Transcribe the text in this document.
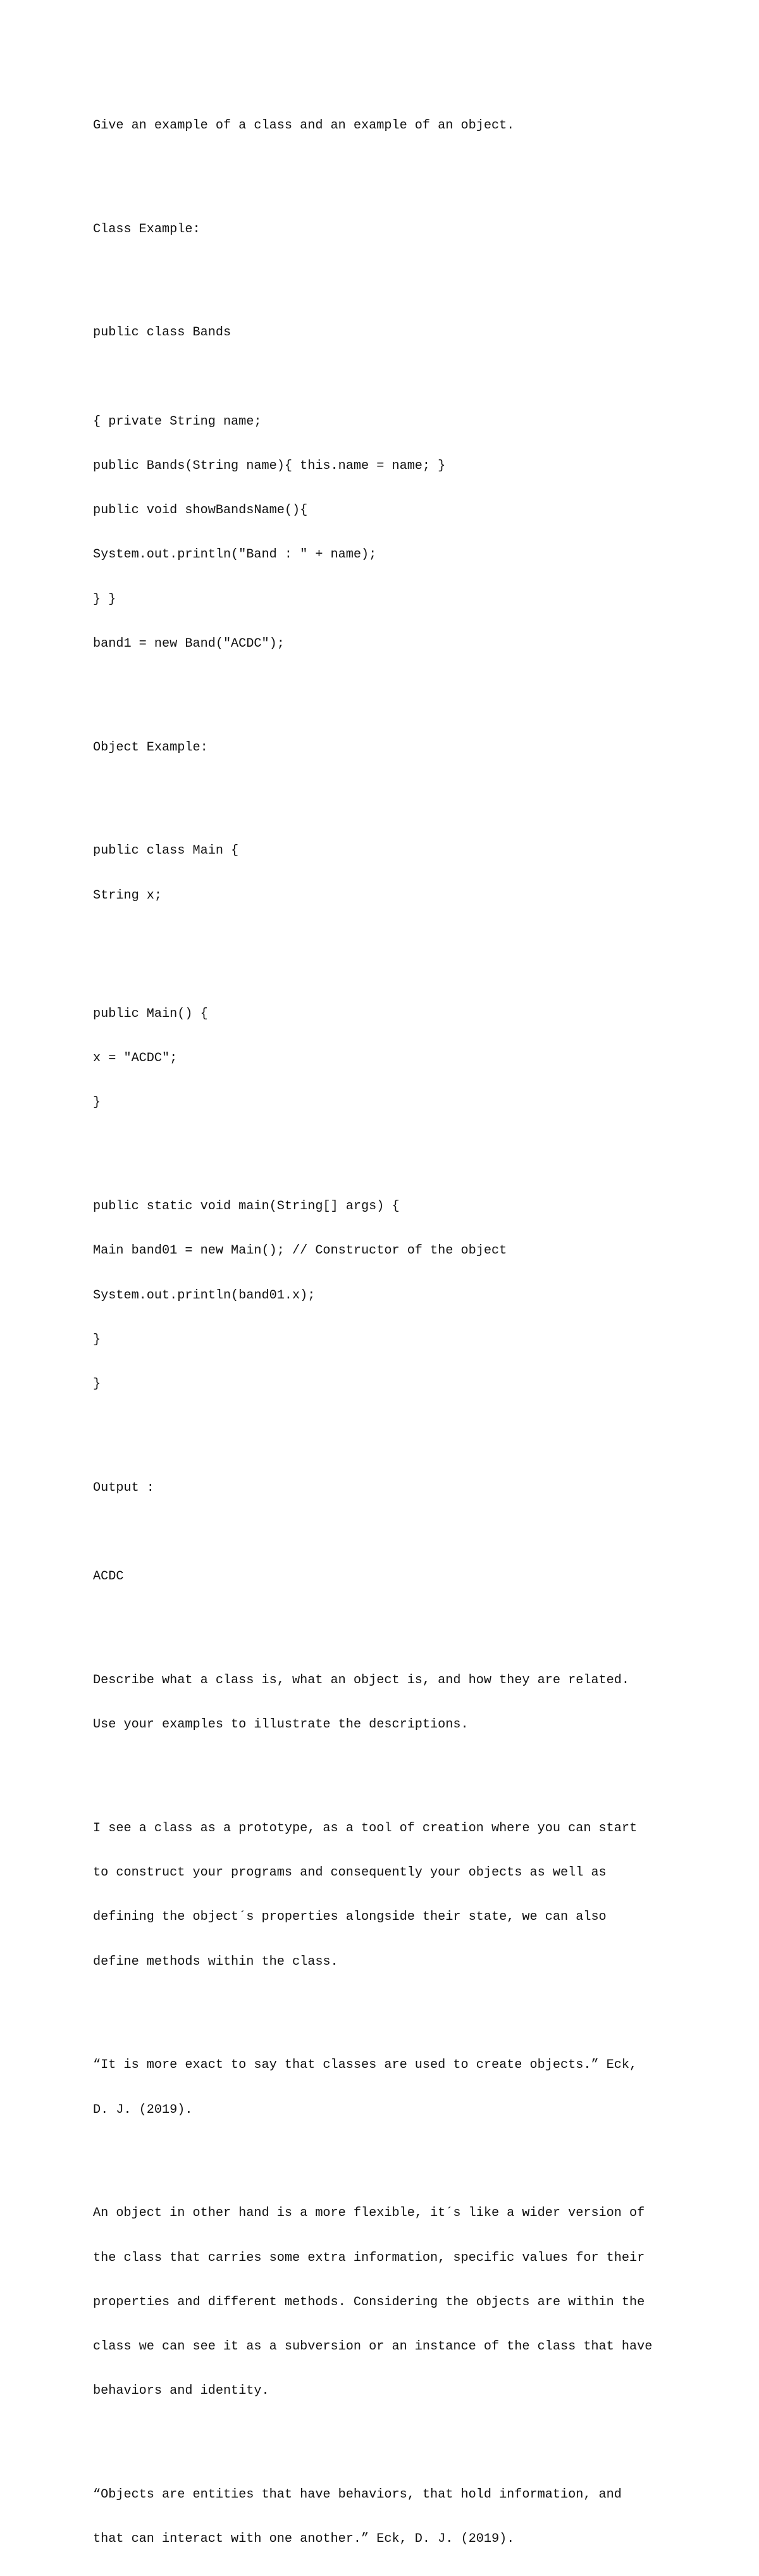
Give an example of a class and an example of an object.

Class Example:

public class Bands

{ private String name;

public Bands(String name){ this.name = name; }

public void showBandsName(){

System.out.println("Band : " + name);

} }

band1 = new Band("ACDC");

Object Example:

public class Main {

String x;

public Main() {

x = "ACDC";

}

public static void main(String[] args) {

Main band01 = new Main(); // Constructor of the object

System.out.println(band01.x);

}

}

Output :

ACDC

Describe what a class is, what an object is, and how they are related.

Use your examples to illustrate the descriptions.

I see a class as a prototype, as a tool of creation where you can start

to construct your programs and consequently your objects as well as

defining the object´s properties alongside their state, we can also

define methods within the class.

“It is more exact to say that classes are used to create objects.” Eck,

D. J. (2019).

An object in other hand is a more flexible, it´s like a wider version of

the class that carries some extra information, specific values for their

properties and different methods. Considering the objects are within the

class we can see it as a subversion or an instance of the class that have

behaviors and identity.

“Objects are entities that have behaviors, that hold information, and

that can interact with one another.” Eck, D. J. (2019).
